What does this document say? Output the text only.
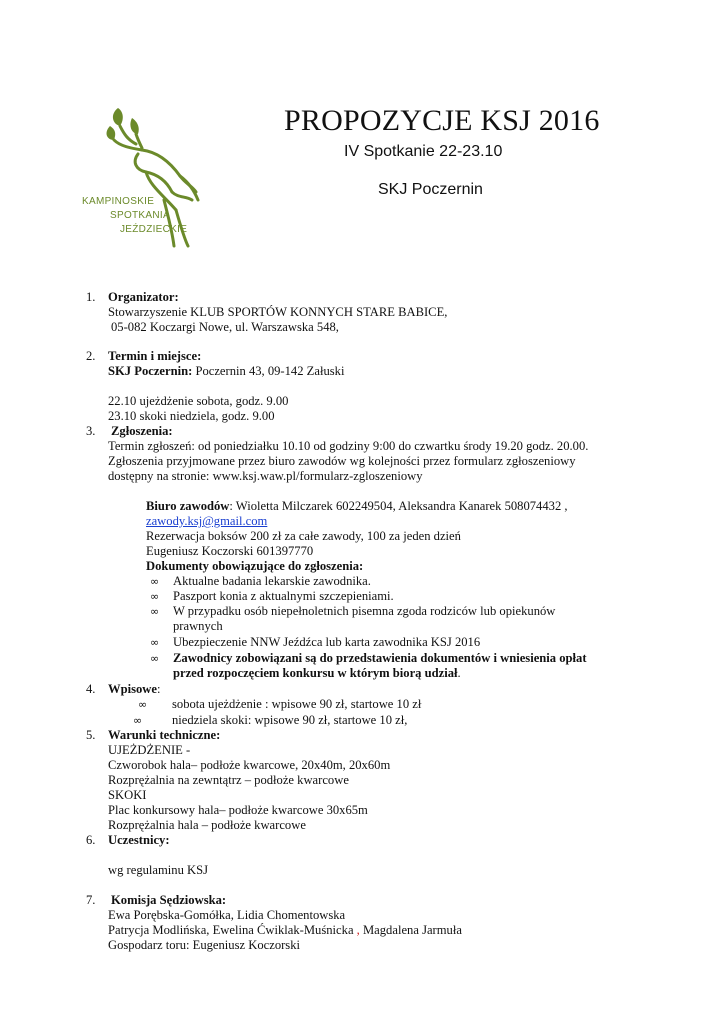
KAMPINOSKIE
SPOTKANIA
JEŹDZIECKIE
PROPOZYCJE KSJ 2016
IV Spotkanie 22-23.10
SKJ Poczernin
1. Organizator:
Stowarzyszenie KLUB SPORTÓW KONNYCH STARE BABICE,
05-082 Koczargi Nowe, ul. Warszawska 548,
2. Termin i miejsce:
SKJ Poczernin: Poczernin 43, 09-142 Załuski
22.10 ujeżdżenie sobota, godz. 9.00
23.10 skoki niedziela, godz. 9.00
3. Zgłoszenia:
Termin zgłoszeń: od poniedziałku 10.10 od godziny 9:00 do czwartku środy 19.20 godz. 20.00.
Zgłoszenia przyjmowane przez biuro zawodów wg kolejności przez formularz zgłoszeniowy
dostępny na stronie: www.ksj.waw.pl/formularz-zgloszeniowy
Biuro zawodów: Wioletta Milczarek 602249504, Aleksandra Kanarek 508074432 ,
zawody.ksj@gmail.com
Rezerwacja boksów 200 zł za całe zawody, 100 za jeden dzień
Eugeniusz Koczorski 601397770
Dokumenty obowiązujące do zgłoszenia:
∞ Aktualne badania lekarskie zawodnika.
∞ Paszport konia z aktualnymi szczepieniami.
∞ W przypadku osób niepełnoletnich pisemna zgoda rodziców lub opiekunów
prawnych
∞ Ubezpieczenie NNW Jeźdźca lub karta zawodnika KSJ 2016
∞ Zawodnicy zobowiązani są do przedstawienia dokumentów i wniesienia opłat
przed rozpoczęciem konkursu w którym biorą udział.
4. Wpisowe:
∞ sobota ujeżdżenie : wpisowe 90 zł, startowe 10 zł
∞ niedziela skoki: wpisowe 90 zł, startowe 10 zł,
5. Warunki techniczne:
UJEŻDŻENIE -
Czworobok hala– podłoże kwarcowe, 20x40m, 20x60m
Rozprężalnia na zewntątrz – podłoże kwarcowe
SKOKI
Plac konkursowy hala– podłoże kwarcowe 30x65m
Rozprężalnia hala – podłoże kwarcowe
6. Uczestnicy:
wg regulaminu KSJ
7. Komisja Sędziowska:
Ewa Porębska-Gomółka, Lidia Chomentowska
Patrycja Modlińska, Ewelina Ćwiklak-Muśnicka , Magdalena Jarmuła
Gospodarz toru: Eugeniusz Koczorski
